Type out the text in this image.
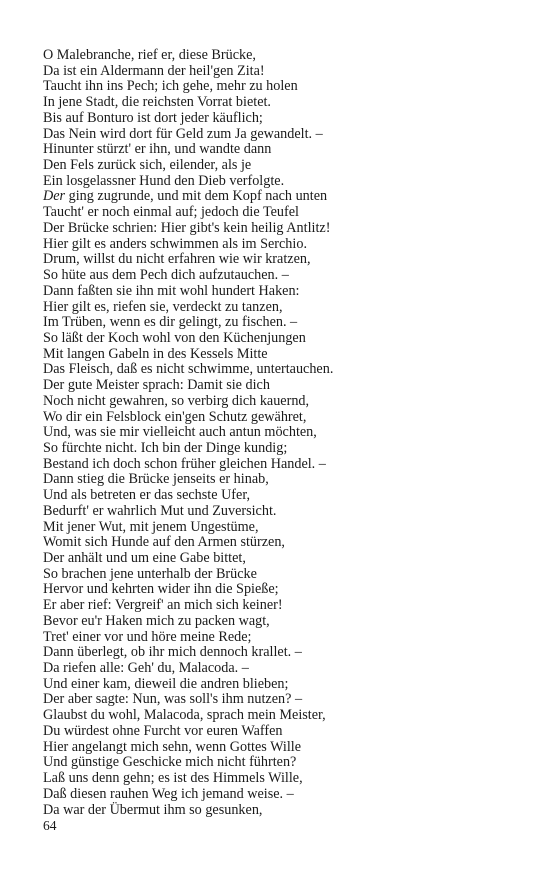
O Malebranche, rief er, diese Brücke,
Da ist ein Aldermann der heil'gen Zita!
Taucht ihn ins Pech; ich gehe, mehr zu holen
In jene Stadt, die reichsten Vorrat bietet.
Bis auf Bonturo ist dort jeder käuflich;
Das Nein wird dort für Geld zum Ja gewandelt. –
Hinunter stürzt' er ihn, und wandte dann
Den Fels zurück sich, eilender, als je
Ein losgelassner Hund den Dieb verfolgte.
Der ging zugrunde, und mit dem Kopf nach unten
Taucht' er noch einmal auf; jedoch die Teufel
Der Brücke schrien: Hier gibt's kein heilig Antlitz!
Hier gilt es anders schwimmen als im Serchio.
Drum, willst du nicht erfahren wie wir kratzen,
So hüte aus dem Pech dich aufzutauchen. –
Dann faßten sie ihn mit wohl hundert Haken:
Hier gilt es, riefen sie, verdeckt zu tanzen,
Im Trüben, wenn es dir gelingt, zu fischen. –
So läßt der Koch wohl von den Küchenjungen
Mit langen Gabeln in des Kessels Mitte
Das Fleisch, daß es nicht schwimme, untertauchen.
Der gute Meister sprach: Damit sie dich
Noch nicht gewahren, so verbirg dich kauernd,
Wo dir ein Felsblock ein'gen Schutz gewähret,
Und, was sie mir vielleicht auch antun möchten,
So fürchte nicht. Ich bin der Dinge kundig;
Bestand ich doch schon früher gleichen Handel. –
Dann stieg die Brücke jenseits er hinab,
Und als betreten er das sechste Ufer,
Bedurft' er wahrlich Mut und Zuversicht.
Mit jener Wut, mit jenem Ungestüme,
Womit sich Hunde auf den Armen stürzen,
Der anhält und um eine Gabe bittet,
So brachen jene unterhalb der Brücke
Hervor und kehrten wider ihn die Spieße;
Er aber rief: Vergreif' an mich sich keiner!
Bevor eu'r Haken mich zu packen wagt,
Tret' einer vor und höre meine Rede;
Dann überlegt, ob ihr mich dennoch krallet. –
Da riefen alle: Geh' du, Malacoda. –
Und einer kam, dieweil die andren blieben;
Der aber sagte: Nun, was soll's ihm nutzen? –
Glaubst du wohl, Malacoda, sprach mein Meister,
Du würdest ohne Furcht vor euren Waffen
Hier angelangt mich sehn, wenn Gottes Wille
Und günstige Geschicke mich nicht führten?
Laß uns denn gehn; es ist des Himmels Wille,
Daß diesen rauhen Weg ich jemand weise. –
Da war der Übermut ihm so gesunken,
64
